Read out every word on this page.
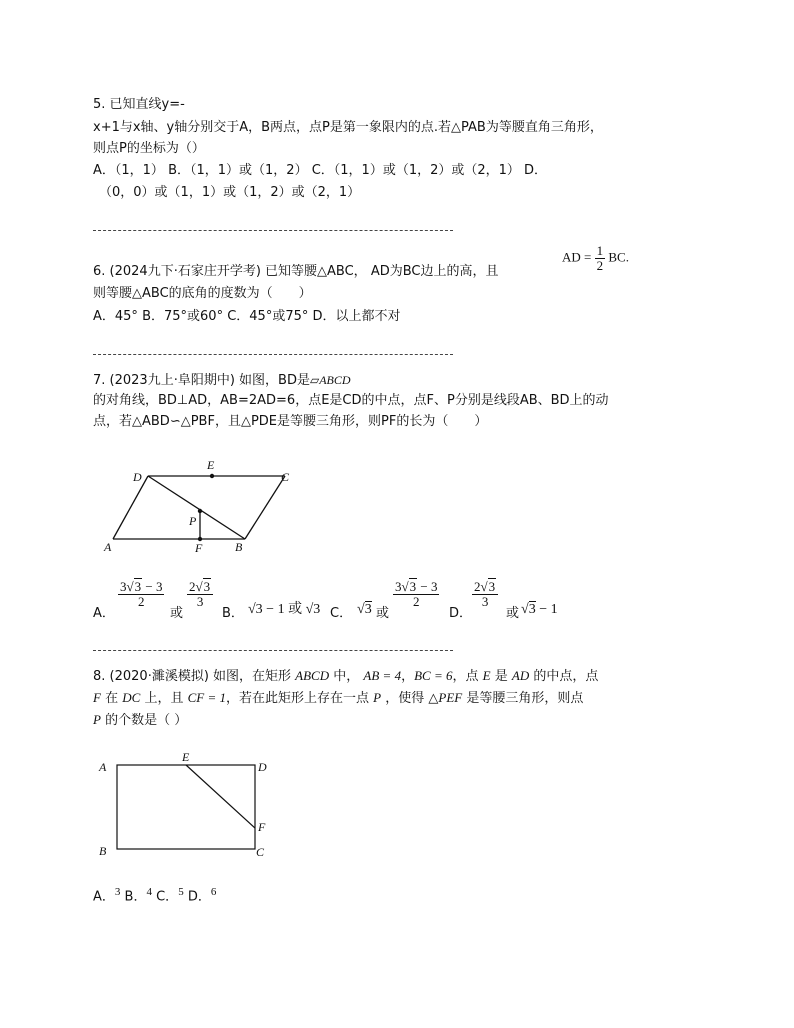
5. 已知直线y=-
x+1与x轴、y轴分别交于A，B两点，点P是第一象限内的点.若△PAB为等腰直角三角形，
则点P的坐标为（）
A．（1，1） B．（1，1）或（1，2） C．（1，1）或（1，2）或（2，1） D．
（0，0）或（1，1）或（1，2）或（2，1）
6. (2024九下·石家庄开学考) 已知等腰△ABC， AD为BC边上的高，且
AD = $\frac{1}{2}$ BC.
则等腰△ABC的底角的度数为（　　）
A．45° B．75°或60° C．45°或75° D．以上都不对
7. (2023九上·阜阳期中) 如图，BD是▱ABCD
的对角线，BD⊥AD，AB=2AD=6，点E是CD的中点，点F、P分别是线段AB、BD上的动
点，若△ABD∽△PBF，且△PDE是等腰三角形，则PF的长为（　　）
A
D
E
C
P
F	B
A．
$\frac{3√3 - 3}{2}$
或
$\frac{2√3}{3}$
B． √3 − 1 或 √3 C． √3 或
$\frac{3√3 - 3}{2}$
D．
$\frac{2√3}{3}$
或 √3 − 1
8. (2020·濉溪模拟) 如图，在矩形 ABCD 中， AB = 4，BC = 6，点 E 是 AD 的中点，点
F 在 DC 上，且 CF = 1，若在此矩形上存在一点 P ，使得 △PEF 是等腰三角形，则点
P 的个数是（ ）
A
E
D
F
B	C
A．$^3$ B．$^4$ C．$^5$ D．$^6$
